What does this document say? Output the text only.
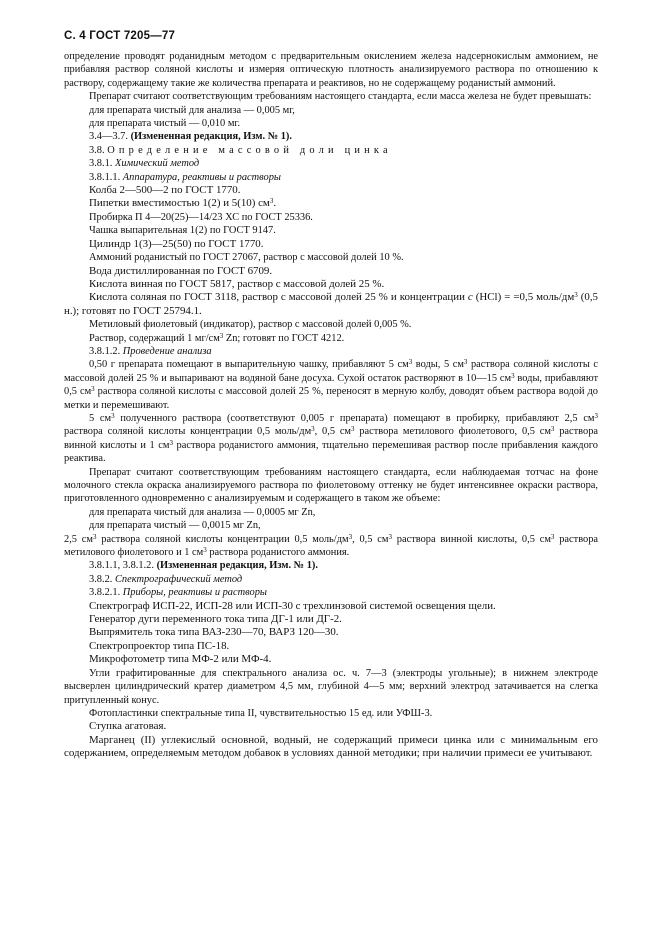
С. 4 ГОСТ 7205—77

определение проводят роданидным методом с предварительным окислением железа надсернокислым аммонием, не прибавляя раствор соляной кислоты и измеряя оптическую плотность анализируемого раствора по отношению к раствору, содержащему такие же количества препарата и реактивов, но не содержащему роданистый аммоний.

Препарат считают соответствующим требованиям настоящего стандарта, если масса железа не будет превышать:

для препарата чистый для анализа — 0,005 мг,

для препарата чистый — 0,010 мг.

3.4—3.7. (Измененная редакция, Изм. № 1).

3.8. Определение массовой доли цинка

3.8.1. Химический метод

3.8.1.1. Аппаратура, реактивы и растворы

Колба 2—500—2 по ГОСТ 1770.

Пипетки вместимостью 1(2) и 5(10) $см^3$.

Пробирка П 4—20(25)—14/23 ХС по ГОСТ 25336.

Чашка выпарительная 1(2) по ГОСТ 9147.

Цилиндр 1(3)—25(50) по ГОСТ 1770.

Аммоний роданистый по ГОСТ 27067, раствор с массовой долей 10 %.

Вода дистиллированная по ГОСТ 6709.

Кислота винная по ГОСТ 5817, раствор с массовой долей 25 %.

Кислота соляная по ГОСТ 3118, раствор с массовой долей 25 % и концентрации c (HCl) = =0,5 моль/$дм^3$ (0,5 н.); готовят по ГОСТ 25794.1.

Метиловый фиолетовый (индикатор), раствор с массовой долей 0,005 %.

Раствор, содержащий 1 $мг/см^3$ Zn; готовят по ГОСТ 4212.

3.8.1.2. Проведение анализа

0,50 г препарата помещают в выпарительную чашку, прибавляют 5 $см^3$ воды, 5 $см^3$ раствора соляной кислоты с массовой долей 25 % и выпаривают на водяной бане досуха. Сухой остаток растворяют в 10—15 $см^3$ воды, прибавляют 0,5 $см^3$ раствора соляной кислоты с массовой долей 25 %, переносят в мерную колбу, доводят объем раствора водой до метки и перемешивают.

5 $см^3$ полученного раствора (соответствуют 0,005 г препарата) помещают в пробирку, прибавляют 2,5 $см^3$ раствора соляной кислоты концентрации 0,5 моль/$дм^3$, 0,5 $см^3$ раствора метилового фиолетового, 0,5 $см^3$ раствора винной кислоты и 1 $см^3$ раствора роданистого аммония, тщательно перемешивая раствор после прибавления каждого реактива.

Препарат считают соответствующим требованиям настоящего стандарта, если наблюдаемая тотчас на фоне молочного стекла окраска анализируемого раствора по фиолетовому оттенку не будет интенсивнее окраски раствора, приготовленного одновременно с анализируемым и содержащего в таком же объеме:

для препарата чистый для анализа — 0,0005 мг Zn,

для препарата чистый — 0,0015 мг Zn,

2,5 $см^3$ раствора соляной кислоты концентрации 0,5 моль/$дм^3$, 0,5 $см^3$ раствора винной кислоты, 0,5 $см^3$ раствора метилового фиолетового и 1 $см^3$ раствора роданистого аммония.

3.8.1.1, 3.8.1.2. (Измененная редакция, Изм. № 1).

3.8.2. Спектрографический метод

3.8.2.1. Приборы, реактивы и растворы

Спектрограф ИСП-22, ИСП-28 или ИСП-30 с трехлинзовой системой освещения щели.

Генератор дуги переменного тока типа ДГ-1 или ДГ-2.

Выпрямитель тока типа ВАЗ-230—70, ВАРЗ 120—30.

Спектропроектор типа ПС-18.

Микрофотометр типа МФ-2 или МФ-4.

Угли графитированные для спектрального анализа ос. ч. 7—3 (электроды угольные); в нижнем электроде высверлен цилиндрический кратер диаметром 4,5 мм, глубиной 4—5 мм; верхний электрод затачивается на слегка притупленный конус.

Фотопластинки спектральные типа II, чувствительностью 15 ед. или УФШ-3.

Ступка агатовая.

Марганец (II) углекислый основной, водный, не содержащий примеси цинка или с минимальным его содержанием, определяемым методом добавок в условиях данной методики; при наличии примеси ее учитывают.
